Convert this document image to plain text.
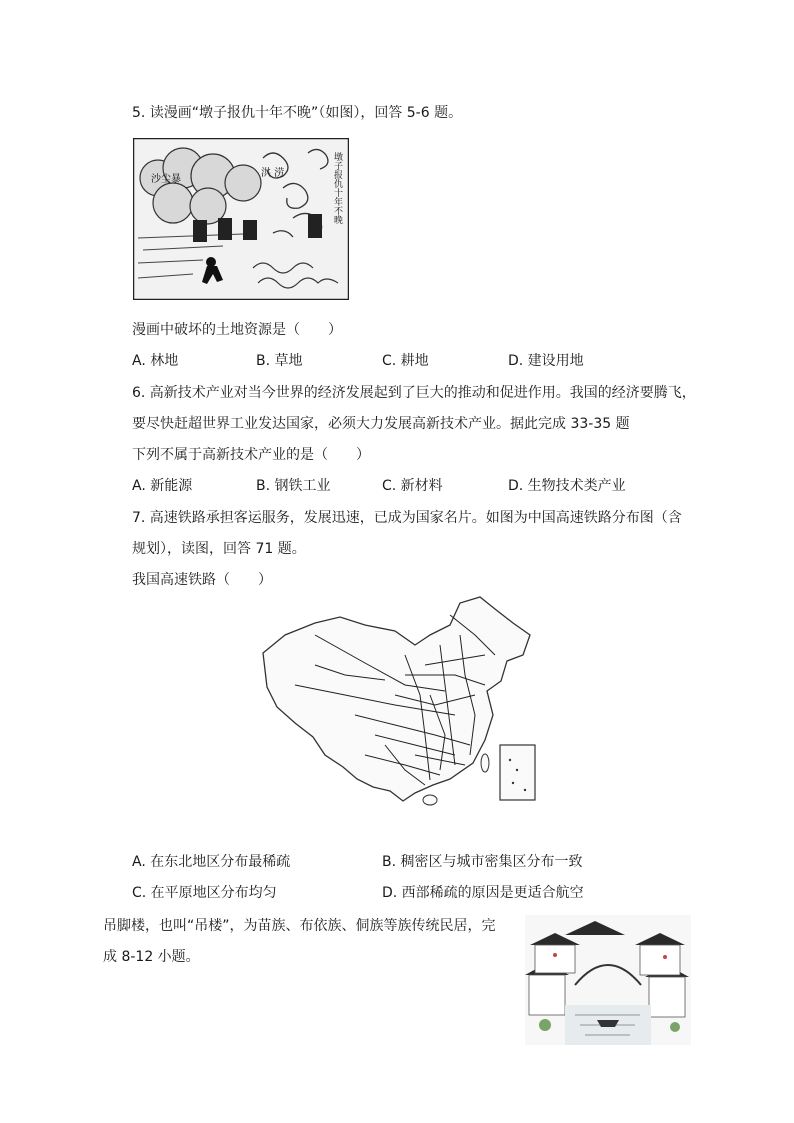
5. 读漫画“墩子报仇十年不晚”（如图），回答 5-6 题。
沙尘暴
洪 涝	墩子报仇十年不晚
漫画中破坏的土地资源是（　　）
A. 林地	B. 草地	C. 耕地	D. 建设用地
6. 高新技术产业对当今世界的经济发展起到了巨大的推动和促进作用。我国的经济要腾飞，
要尽快赶超世界工业发达国家，必须大力发展高新技术产业。据此完成 33-35 题
下列不属于高新技术产业的是（　　）
A. 新能源	B. 钢铁工业	C. 新材料	D. 生物技术类产业
7. 高速铁路承担客运服务，发展迅速，已成为国家名片。如图为中国高速铁路分布图（含
规划），读图，回答 71 题。
我国高速铁路（　　）
A. 在东北地区分布最稀疏	B. 稠密区与城市密集区分布一致
C. 在平原地区分布均匀	D. 西部稀疏的原因是更适合航空
吊脚楼，也叫“吊楼”，为苗族、布依族、侗族等族传统民居，完
成 8-12 小题。
